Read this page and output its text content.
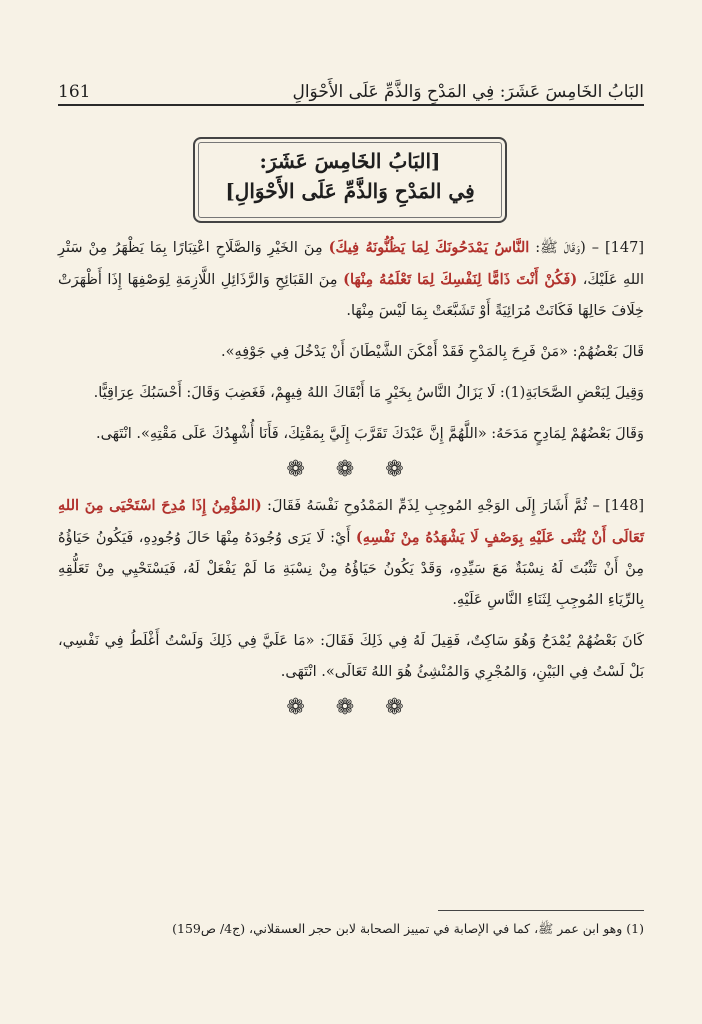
161	البَابُ الخَامِسَ عَشَرَ: فِي المَدْحِ وَالذَّمِّ عَلَى الأَحْوَالِ
[البَابُ الخَامِسَ عَشَرَ:
فِي المَدْحِ وَالذَّمِّ عَلَى الأَحْوَالِ]

[147] – (وَقَالَ ﷺ: النَّاسُ يَمْدَحُونَكَ لِمَا يَظُنُّونَهُ فِيكَ) مِنَ الخَيْرِ وَالصَّلَاحِ اعْتِبَارًا بِمَا يَظْهَرُ مِنْ سَتْرِ اللهِ عَلَيْكَ، (فَكُنْ أَنْتَ ذَامًّا لِنَفْسِكَ لِمَا تَعْلَمُهُ مِنْهَا) مِنَ القَبَائِحِ وَالرَّذَائِلِ اللَّازِمَةِ لِوَصْفِهَا إِذَا أَظْهَرَتْ خِلَافَ حَالِهَا فَكَانَتْ مُرَائِيَةً أَوْ تَشَبَّعَتْ بِمَا لَيْسَ مِنْهَا.

قَالَ بَعْضُهُمْ: «مَنْ فَرِحَ بِالمَدْحِ فَقَدْ أَمْكَنَ الشَّيْطَانَ أَنْ يَدْخُلَ فِي جَوْفِهِ».

وَقِيلَ لِبَعْضِ الصَّحَابَةِ(1): لَا يَزَالُ النَّاسُ بِخَيْرٍ مَا أَبْقَاكَ اللهُ فِيهِمْ، فَغَضِبَ وَقَالَ: أَحْسَبُكَ عِرَاقِيًّا.

وَقَالَ بَعْضُهُمْ لِمَادِحٍ مَدَحَهُ: «اللَّهُمَّ إِنَّ عَبْدَكَ تَقَرَّبَ إِلَيَّ بِمَقْتِكَ، فَأَنَا أُشْهِدُكَ عَلَى مَقْتِهِ». انْتَهَى.

❁ ❁ ❁

[148] – ثُمَّ أَشَارَ إِلَى الوَجْهِ المُوجِبِ لِذَمِّ المَمْدُوحِ نَفْسَهُ فَقَالَ: (المُؤْمِنُ إِذَا مُدِحَ اسْتَحْيَى مِنَ اللهِ تَعَالَى أَنْ يُثْنَى عَلَيْهِ بِوَصْفٍ لَا يَشْهَدُهُ مِنْ نَفْسِهِ) أَيْ: لَا يَرَى وُجُودَهُ مِنْهَا حَالَ وُجُودِهِ، فَيَكُونُ حَيَاؤُهُ مِنْ أَنْ تَثْبُتَ لَهُ نِسْبَةٌ مَعَ سَيِّدِهِ، وَقَدْ يَكُونُ حَيَاؤُهُ مِنْ نِسْبَةِ مَا لَمْ يَفْعَلْ لَهُ، فَيَسْتَحْيِي مِنْ تَعَلُّقِهِ بِالرِّيَاءِ المُوجِبِ لِثَنَاءِ النَّاسِ عَلَيْهِ.

كَانَ بَعْضُهُمْ يُمْدَحُ وَهُوَ سَاكِتٌ، فَقِيلَ لَهُ فِي ذَلِكَ فَقَالَ: «مَا عَلَيَّ فِي ذَلِكَ وَلَسْتُ أَغْلَطُ فِي نَفْسِي، بَلْ لَسْتُ فِي البَيْنِ، وَالمُجْرِي وَالمُنْشِئُ هُوَ اللهُ تَعَالَى». انْتَهَى.

❁ ❁ ❁
(1) وهو ابن عمر ﷺ، كما في الإصابة في تمييز الصحابة لابن حجر العسقلاني، (ج4/ ص159)
